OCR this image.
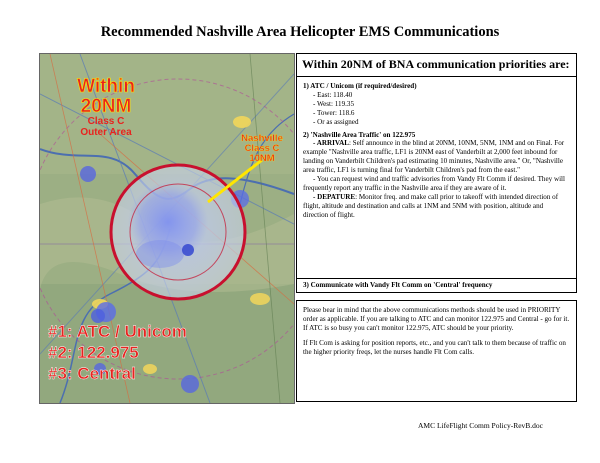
Recommended Nashville Area Helicopter EMS Communications
Within
20NM
Class C
Outer Area
Nashville
Class C
10NM
#1: ATC / Unicom
#2: 122.975
#3: Central
Within 20NM of BNA communication priorities are:
1) ATC / Unicom (if required/desired)
- East: 118.40
- West: 119.35
- Tower: 118.6
- Or as assigned
2) 'Nashville Area Traffic' on 122.975

- ARRIVAL: Self announce in the blind at 20NM, 10NM, 5NM, 1NM and on Final. For example "Nashville area traffic, LF1 is 20NM east of Vanderbilt at 2,000 feet inbound for landing on Vanderbilt Children's pad estimating 10 minutes, Nashville area." Or, "Nashville area traffic, LF1 is turning final for Vanderbilt Children's pad from the east."

- You can request wind and traffic advisories from Vandy Flt Comm if desired. They will frequently report any traffic in the Nashville area if they are aware of it.

- DEPATURE: Monitor freq. and make call prior to takeoff with intended direction of flight, altitude and destination and calls at 1NM and 5NM with position, altitude and direction of flight.

3) Communicate with Vandy Flt Comm on 'Central' frequency

Please bear in mind that the above communications methods should be used in PRIORITY order as applicable. If you are talking to ATC and can monitor 122.975 and Central - go for it. If ATC is so busy you can't monitor 122.975, ATC should be your priority.

If Flt Com is asking for position reports, etc., and you can't talk to them because of traffic on the higher priority freqs, let the nurses handle Flt Com calls.

AMC LifeFlight Comm Policy-RevB.doc
